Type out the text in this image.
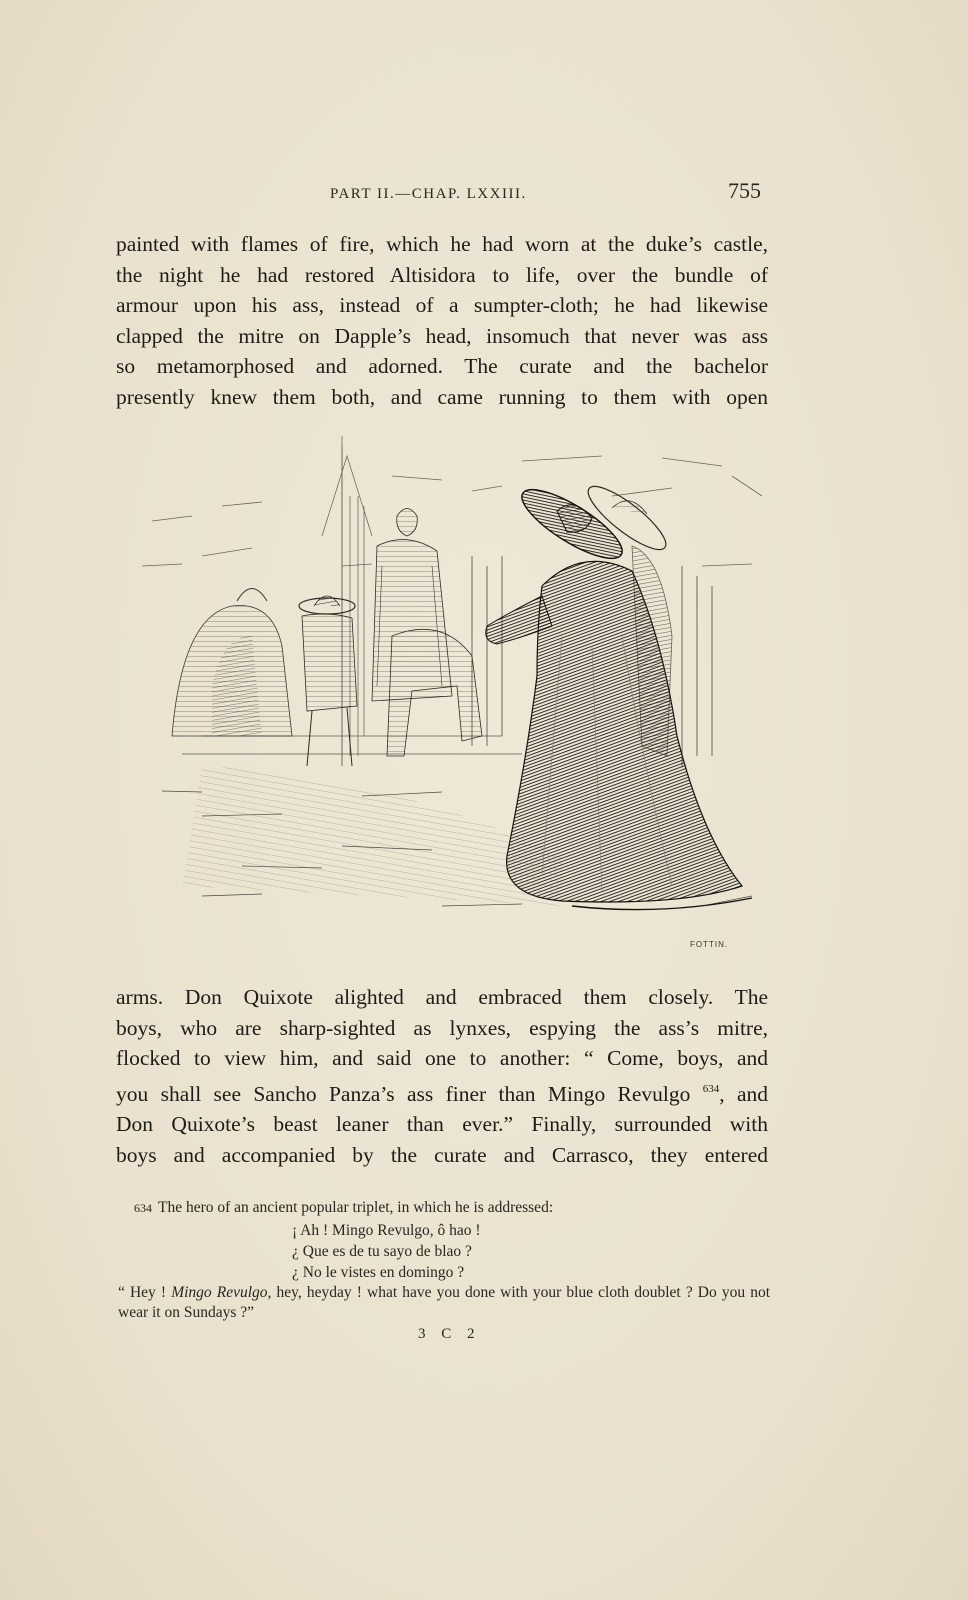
PART II.—CHAP. LXXIII.	755
painted with flames of fire, which he had worn at the duke’s castle,
the night he had restored Altisidora to life, over the bundle of
armour upon his ass, instead of a sumpter-cloth; he had likewise
clapped the mitre on Dapple’s head, insomuch that never was ass
so metamorphosed and adorned. The curate and the bachelor
presently knew them both, and came running to them with open
FOTTIN.
arms. Don Quixote alighted and embraced them closely. The
boys, who are sharp-sighted as lynxes, espying the ass’s mitre,
flocked to view him, and said one to another: “ Come, boys, and
you shall see Sancho Panza’s ass finer than Mingo Revulgo $^{634}$, and
Don Quixote’s beast leaner than ever.” Finally, surrounded with
boys and accompanied by the curate and Carrasco, they entered
634 The hero of an ancient popular triplet, in which he is addressed:
¡ Ah ! Mingo Revulgo, ô hao !
¿ Que es de tu sayo de blao ?
¿ No le vistes en domingo ?
“ Hey ! Mingo Revulgo, hey, heyday ! what have you done with your blue cloth doublet ? Do you not wear it on Sundays ?”
3 C 2
